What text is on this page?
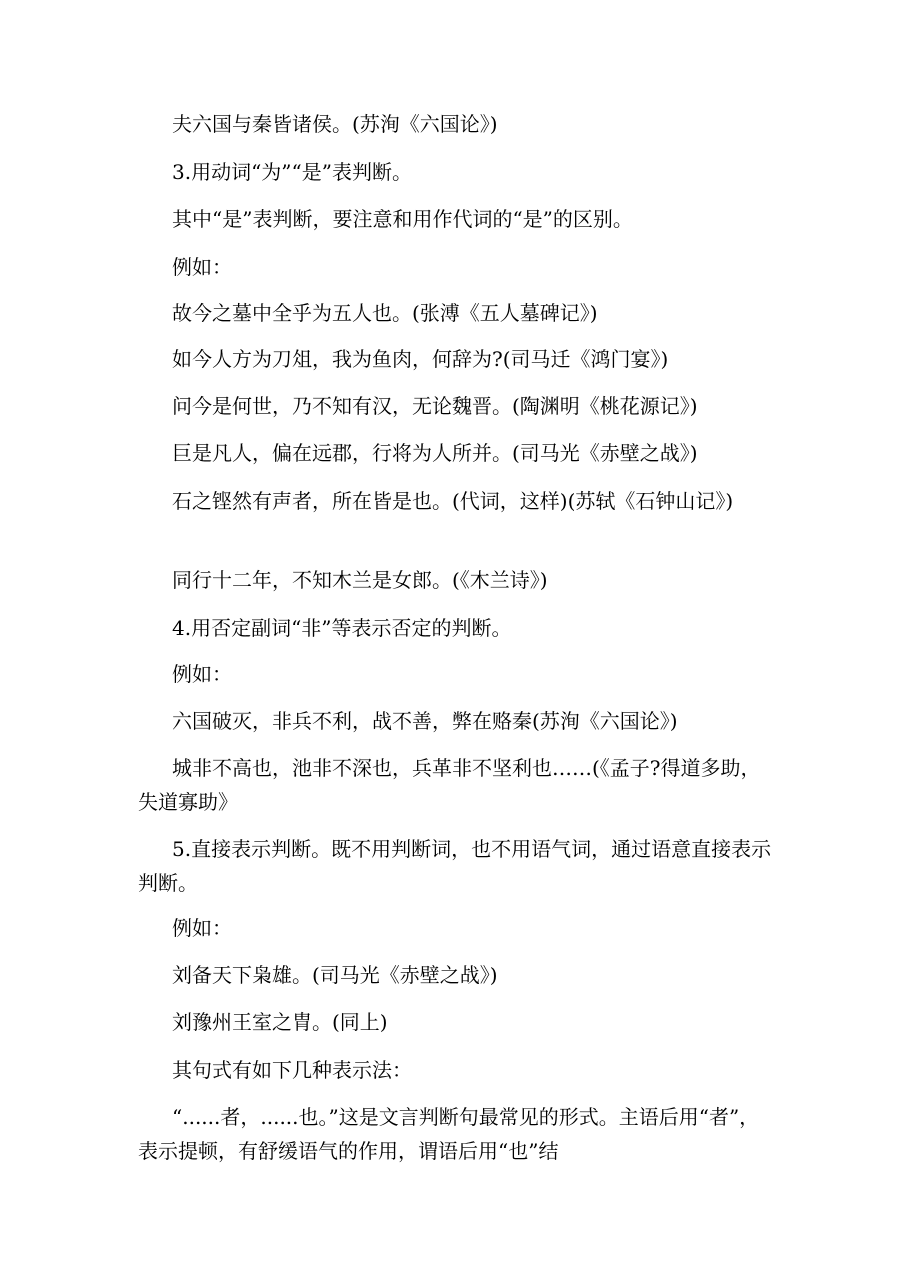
夫六国与秦皆诸侯。(苏洵《六国论》)

3.用动词“为”“是”表判断。

其中“是”表判断，要注意和用作代词的“是”的区别。

例如：

故今之墓中全乎为五人也。(张溥《五人墓碑记》)

如今人方为刀俎，我为鱼肉，何辞为?(司马迁《鸿门宴》)

问今是何世，乃不知有汉，无论魏晋。(陶渊明《桃花源记》)

巨是凡人，偏在远郡，行将为人所并。(司马光《赤壁之战》)

石之铿然有声者，所在皆是也。(代词，这样)(苏轼《石钟山记》)

同行十二年，不知木兰是女郎。(《木兰诗》)

4.用否定副词“非”等表示否定的判断。

例如：

六国破灭，非兵不利，战不善，弊在赂秦(苏洵《六国论》)

城非不高也，池非不深也，兵革非不坚利也……(《孟子?得道多助，失道寡助》

5.直接表示判断。既不用判断词，也不用语气词，通过语意直接表示判断。

例如：

刘备天下枭雄。(司马光《赤壁之战》)

刘豫州王室之胄。(同上)

其句式有如下几种表示法：

“......者，......也。”这是文言判断句最常见的形式。主语后用“者”，表示提顿，有舒缓语气的作用，谓语后用“也”结
